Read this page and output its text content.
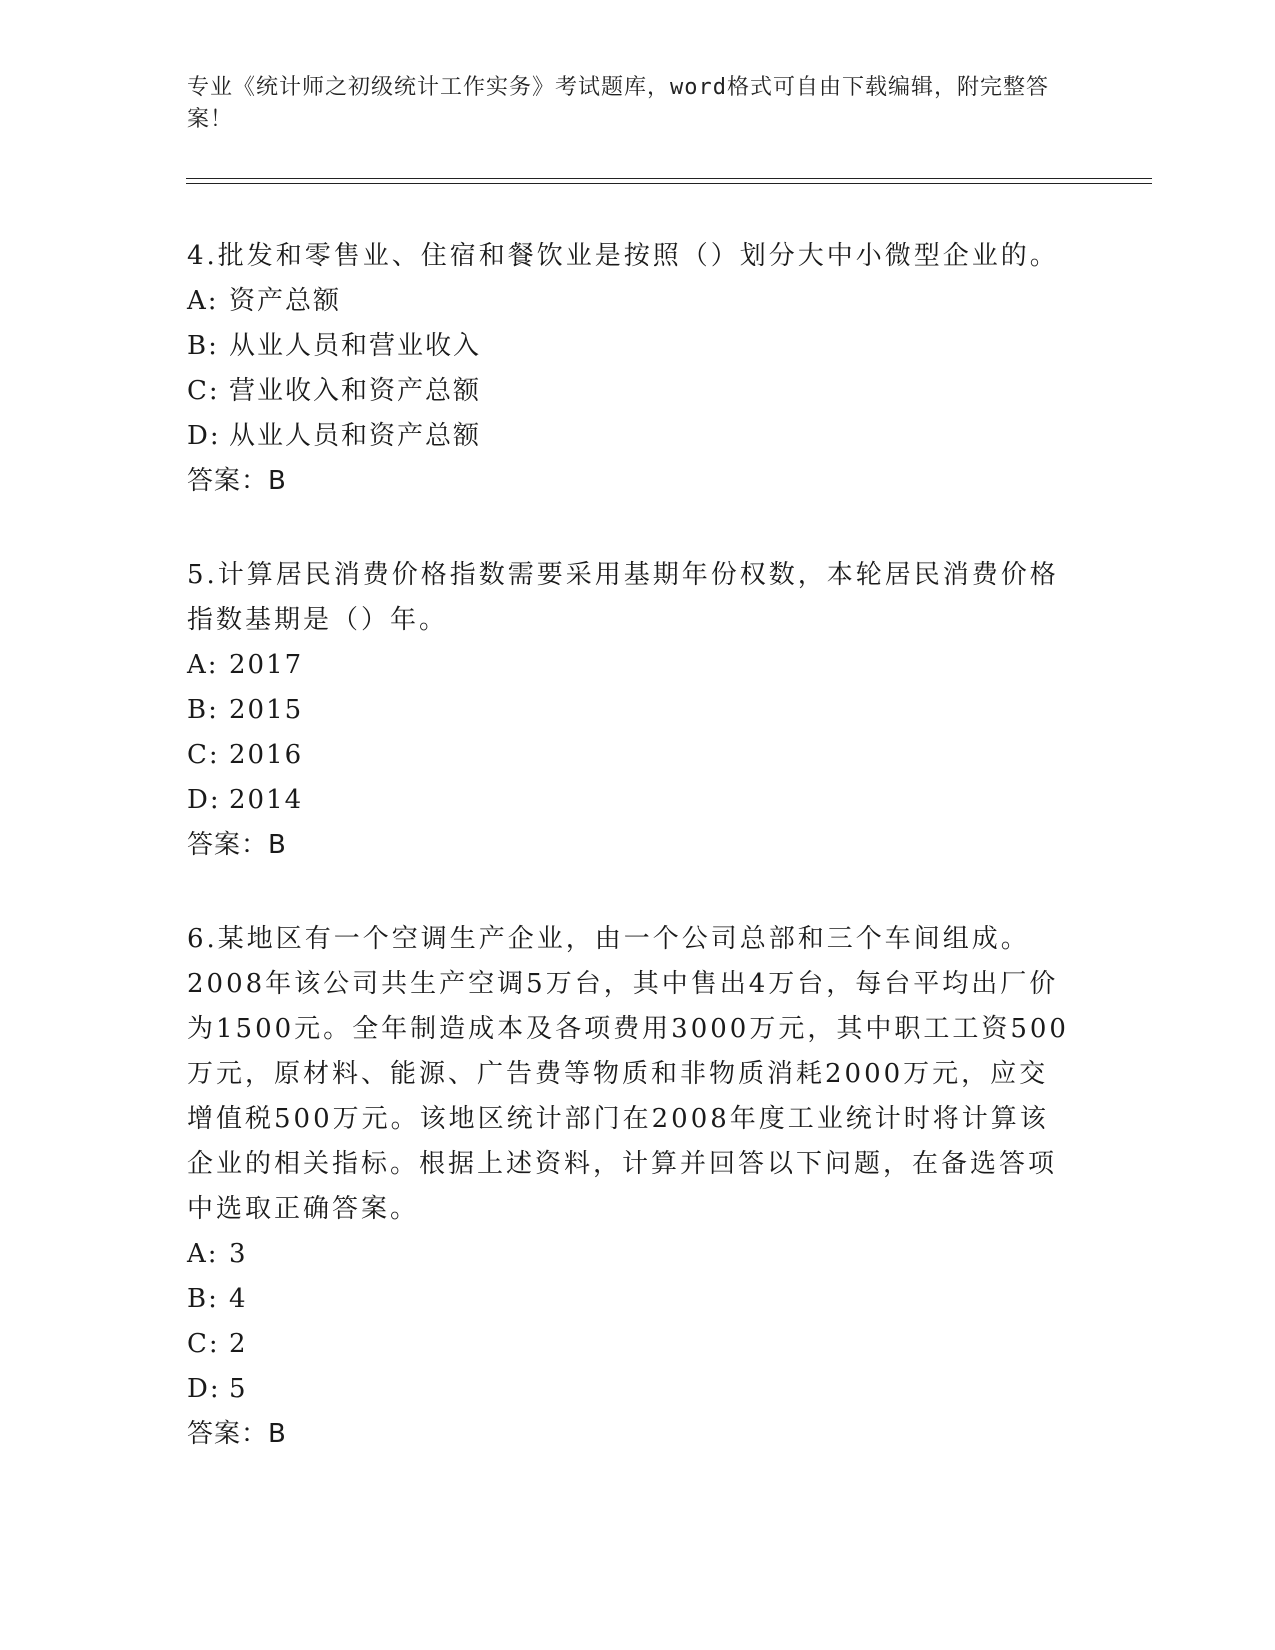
专业《统计师之初级统计工作实务》考试题库，word格式可自由下载编辑，附完整答案！

4.批发和零售业、住宿和餐饮业是按照（）划分大中小微型企业的。

A: 资产总额

B: 从业人员和营业收入

C: 营业收入和资产总额

D: 从业人员和资产总额

答案：B

5.计算居民消费价格指数需要采用基期年份权数，本轮居民消费价格指数基期是（）年。

A: 2017

B: 2015

C: 2016

D: 2014

答案：B

6.某地区有一个空调生产企业，由一个公司总部和三个车间组成。2008年该公司共生产空调5万台，其中售出4万台，每台平均出厂价为1500元。全年制造成本及各项费用3000万元，其中职工工资500万元，原材料、能源、广告费等物质和非物质消耗2000万元，应交增值税500万元。该地区统计部门在2008年度工业统计时将计算该企业的相关指标。根据上述资料，计算并回答以下问题，在备选答项中选取正确答案。

A: 3

B: 4

C: 2

D: 5

答案：B
